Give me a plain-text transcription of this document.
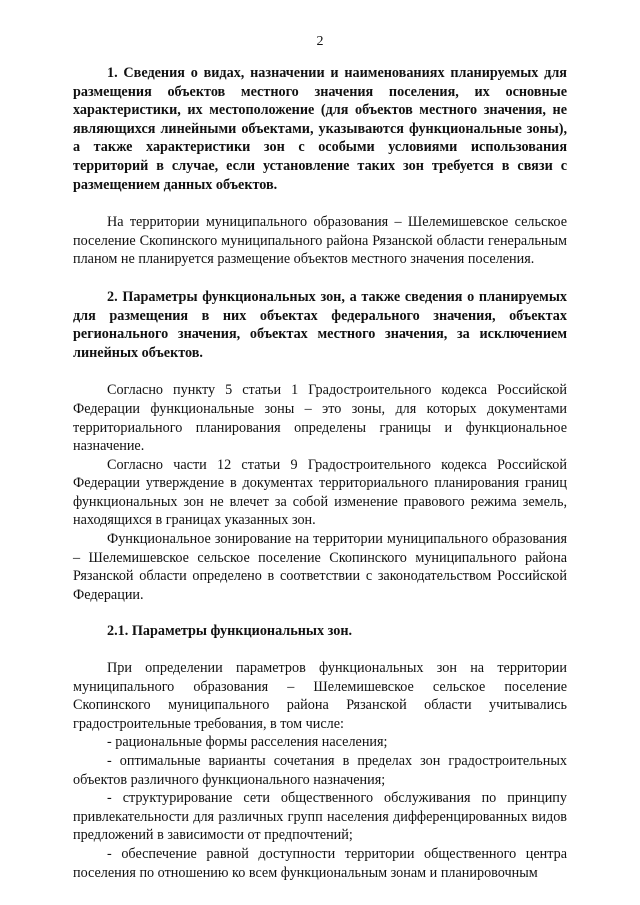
2

1. Сведения о видах, назначении и наименованиях планируемых для размещения объектов местного значения поселения, их основные характеристики, их местоположение (для объектов местного значения, не являющихся линейными объектами, указываются функциональные зоны), а также характеристики зон с особыми условиями использования территорий в случае, если установление таких зон требуется в связи с размещением данных объектов.

На территории муниципального образования – Шелемишевское сельское поселение Скопинского муниципального района Рязанской области генеральным планом не планируется размещение объектов местного значения поселения.

2. Параметры функциональных зон, а также сведения о планируемых для размещения в них объектах федерального значения, объектах регионального значения, объектах местного значения, за исключением линейных объектов.

Согласно пункту 5 статьи 1 Градостроительного кодекса Российской Федерации функциональные зоны – это зоны, для которых документами территориального планирования определены границы и функциональное назначение.

Согласно части 12 статьи 9 Градостроительного кодекса Российской Федерации утверждение в документах территориального планирования границ функциональных зон не влечет за собой изменение правового режима земель, находящихся в границах указанных зон.

Функциональное зонирование на территории муниципального образования – Шелемишевское сельское поселение Скопинского муниципального района Рязанской области определено в соответствии с законодательством Российской Федерации.

2.1. Параметры функциональных зон.

При определении параметров функциональных зон на территории муниципального образования – Шелемишевское сельское поселение Скопинского муниципального района Рязанской области учитывались градостроительные требования, в том числе:

- рациональные формы расселения населения;

- оптимальные варианты сочетания в пределах зон градостроительных объектов различного функционального назначения;

- структурирование сети общественного обслуживания по принципу привлекательности для различных групп населения дифференцированных видов предложений в зависимости от предпочтений;

- обеспечение равной доступности территории общественного центра поселения по отношению ко всем функциональным зонам и планировочным
